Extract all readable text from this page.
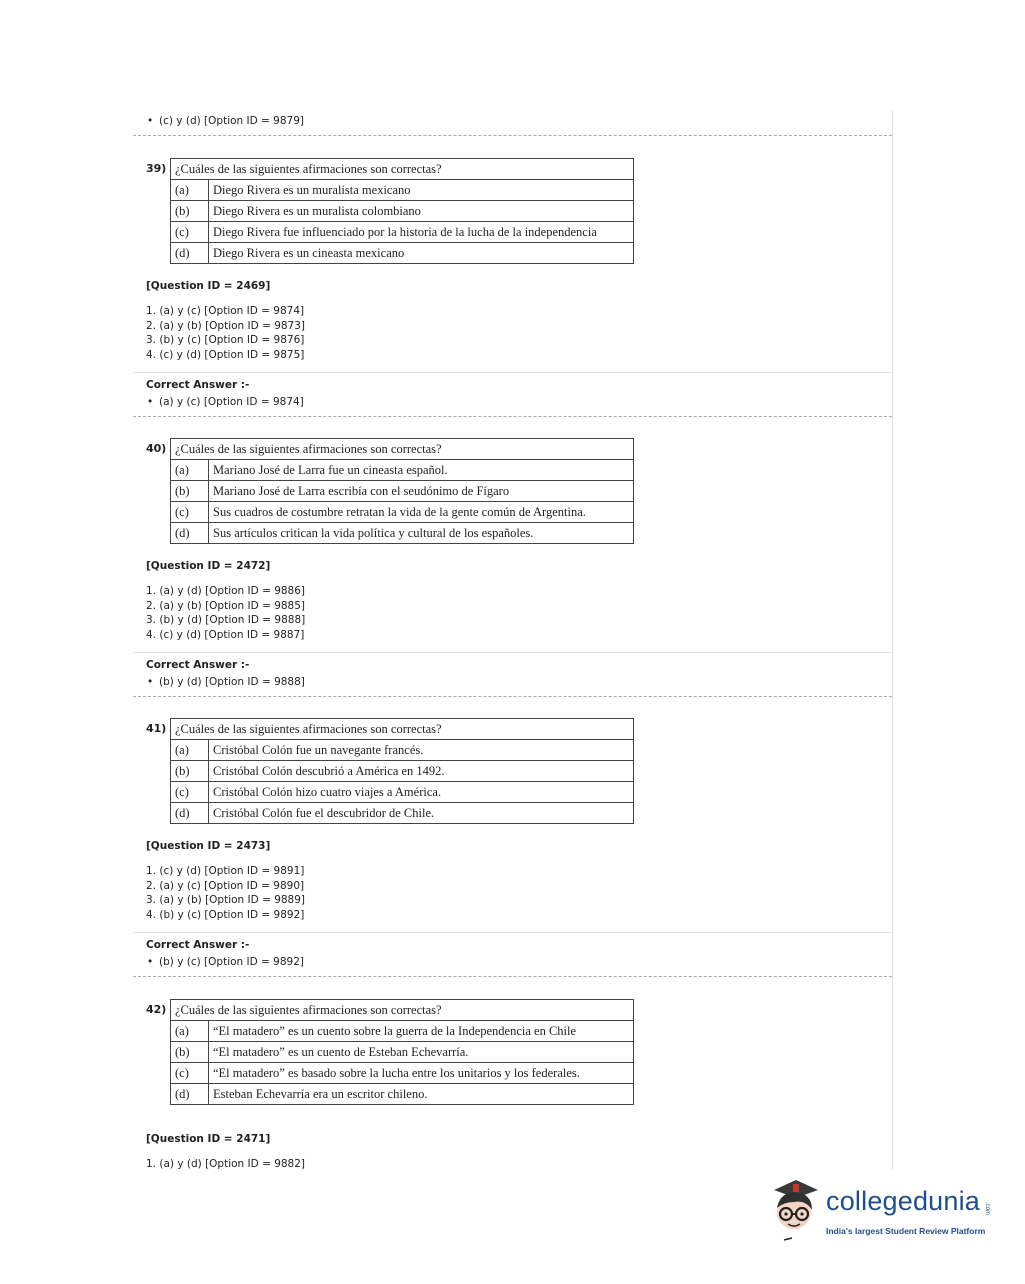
• (c) y (d) [Option ID = 9879]
39) ¿Cuáles de las siguientes afirmaciones son correctas?	
(a)	Diego Rivera es un muralista mexicano
(b)	Diego Rivera es un muralista colombiano
(c)	Diego Rivera fue influenciado por la historia de la lucha de la independencia
(d)	Diego Rivera es un cineasta mexicano
[Question ID = 2469]
1. (a) y (c) [Option ID = 9874]
2. (a) y (b) [Option ID = 9873]
3. (b) y (c) [Option ID = 9876]
4. (c) y (d) [Option ID = 9875]
Correct Answer :-
• (a) y (c) [Option ID = 9874]
40) ¿Cuáles de las siguientes afirmaciones son correctas?	
(a)	Mariano José de Larra fue un cineasta español.
(b)	Mariano José de Larra escribía con el seudónimo de Fígaro
(c)	Sus cuadros de costumbre retratan la vida de la gente común de Argentina.
(d)	Sus artículos critican la vida política y cultural de los españoles.
[Question ID = 2472]
1. (a) y (d) [Option ID = 9886]
2. (a) y (b) [Option ID = 9885]
3. (b) y (d) [Option ID = 9888]
4. (c) y (d) [Option ID = 9887]
Correct Answer :-
• (b) y (d) [Option ID = 9888]
41) ¿Cuáles de las siguientes afirmaciones son correctas?	
(a)	Cristóbal Colón fue un navegante francés.
(b)	Cristóbal Colón descubrió a América en 1492.
(c)	Cristóbal Colón hizo cuatro viajes a América.
(d)	Cristóbal Colón fue el descubridor de Chile.
[Question ID = 2473]
1. (c) y (d) [Option ID = 9891]
2. (a) y (c) [Option ID = 9890]
3. (a) y (b) [Option ID = 9889]
4. (b) y (c) [Option ID = 9892]
Correct Answer :-
• (b) y (c) [Option ID = 9892]
42) ¿Cuáles de las siguientes afirmaciones son correctas?	
(a)	“El matadero” es un cuento sobre la guerra de la Independencia en Chile
(b)	“El matadero” es un cuento de Esteban Echevarría.
(c)	“El matadero” es basado sobre la lucha entre los unitarios y los federales.
(d)	Esteban Echevarría era un escritor chileno.
[Question ID = 2471]
1. (a) y (d) [Option ID = 9882]
collegedunia .com
India's largest Student Review Platform
